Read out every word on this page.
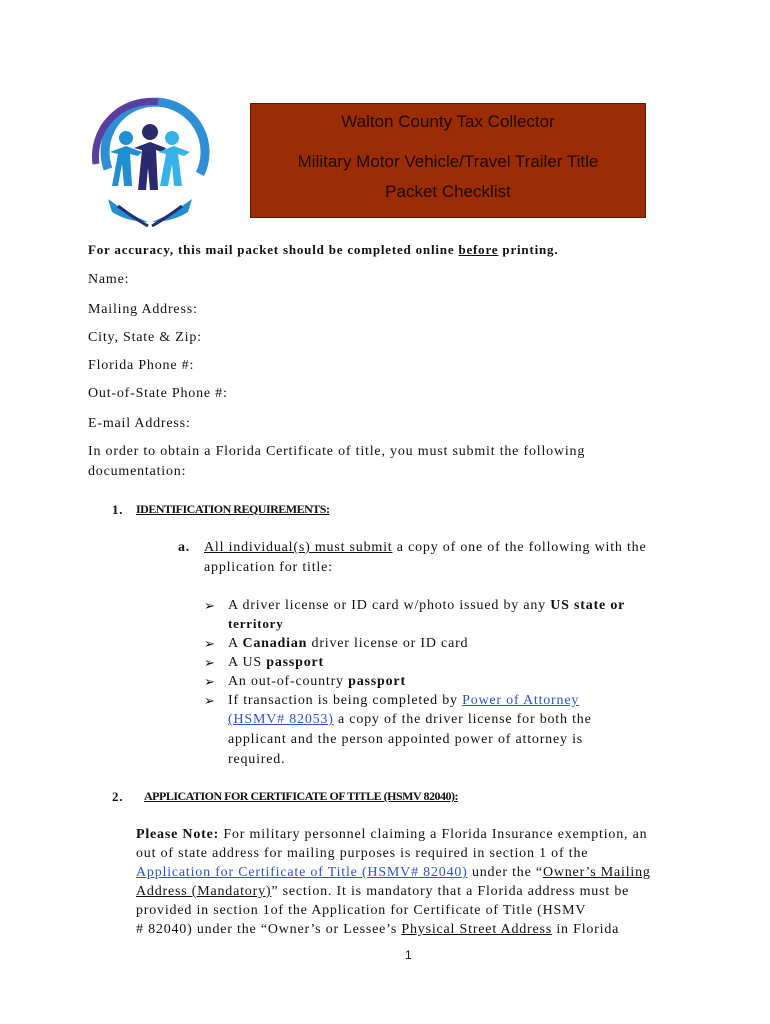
Walton County Tax Collector
Military Motor Vehicle/Travel Trailer Title
Packet Checklist
For accuracy, this mail packet should be completed online before printing.
Name:
Mailing Address:
City, State & Zip:
Florida Phone #:
Out-of-State Phone #:
E-mail Address:
In order to obtain a Florida Certificate of title, you must submit the following
documentation:
1. IDENTIFICATION REQUIREMENTS:
a. All individual(s) must submit a copy of one of the following with the
application for title:
➢ A driver license or ID card w/photo issued by any US state or
territory
➢ A Canadian driver license or ID card
➢ A US passport
➢ An out-of-country passport
➢ If transaction is being completed by Power of Attorney
(HSMV# 82053) a copy of the driver license for both the
applicant and the person appointed power of attorney is
required.
2. APPLICATION FOR CERTIFICATE OF TITLE (HSMV 82040):
Please Note: For military personnel claiming a Florida Insurance exemption, an
out of state address for mailing purposes is required in section 1 of the
Application for Certificate of Title (HSMV# 82040) under the “Owner’s Mailing
Address (Mandatory)” section. It is mandatory that a Florida address must be
provided in section 1of the Application for Certificate of Title (HSMV
# 82040) under the “Owner’s or Lessee’s Physical Street Address in Florida
1
